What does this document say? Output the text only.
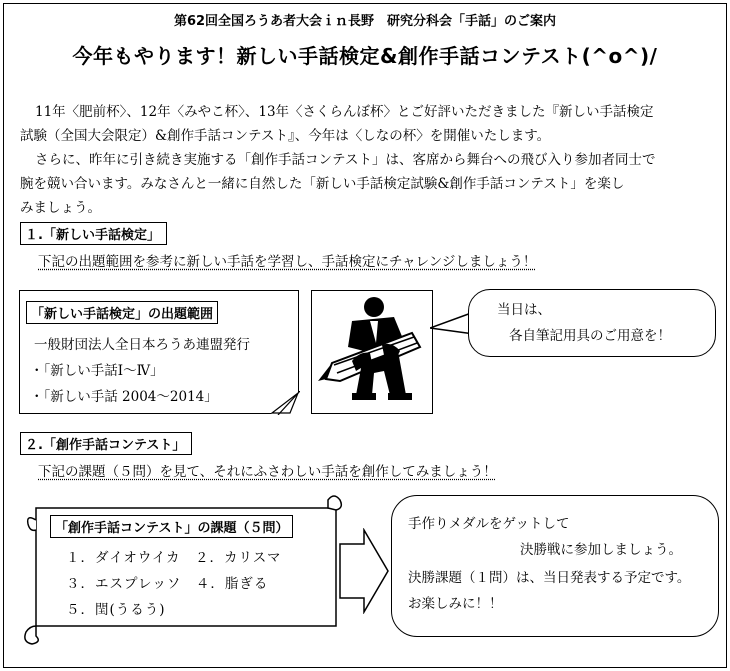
第62回全国ろうあ者大会ｉｎ長野　研究分科会「手話」のご案内
今年もやります！新しい手話検定&創作手話コンテスト(^o^)/
11年〈肥前杯〉、12年〈みやこ杯〉、13年〈さくらんぼ杯〉とご好評いただきました『新しい手話検定
試験（全国大会限定）&創作手話コンテスト』、今年は〈しなの杯〉を開催いたします。
さらに、昨年に引き続き実施する「創作手話コンテスト」は、客席から舞台への飛び入り参加者同士で
腕を競い合います。みなさんと一緒に自然した「新しい手話検定試験&創作手話コンテスト」を楽し
みましょう。
１.「新しい手話検定」
下記の出題範囲を参考に新しい手話を学習し、手話検定にチャレンジしましょう！
「新しい手話検定」の出題範囲
一般財団法人全日本ろうあ連盟発行
・「新しい手話Ⅰ～Ⅳ」
・「新しい手話 2004～2014」
当日は、
各自筆記用具のご用意を！
２.「創作手話コンテスト」
下記の課題（５問）を見て、それにふさわしい手話を創作してみましょう！
「創作手話コンテスト」の課題（５問）
１．ダイオウイカ　２．カリスマ
３．エスプレッソ　４．脂ぎる
５．閏(うるう)
手作りメダルをゲットして
決勝戦に参加しましょう。
決勝課題（１問）は、当日発表する予定です。
お楽しみに！！
